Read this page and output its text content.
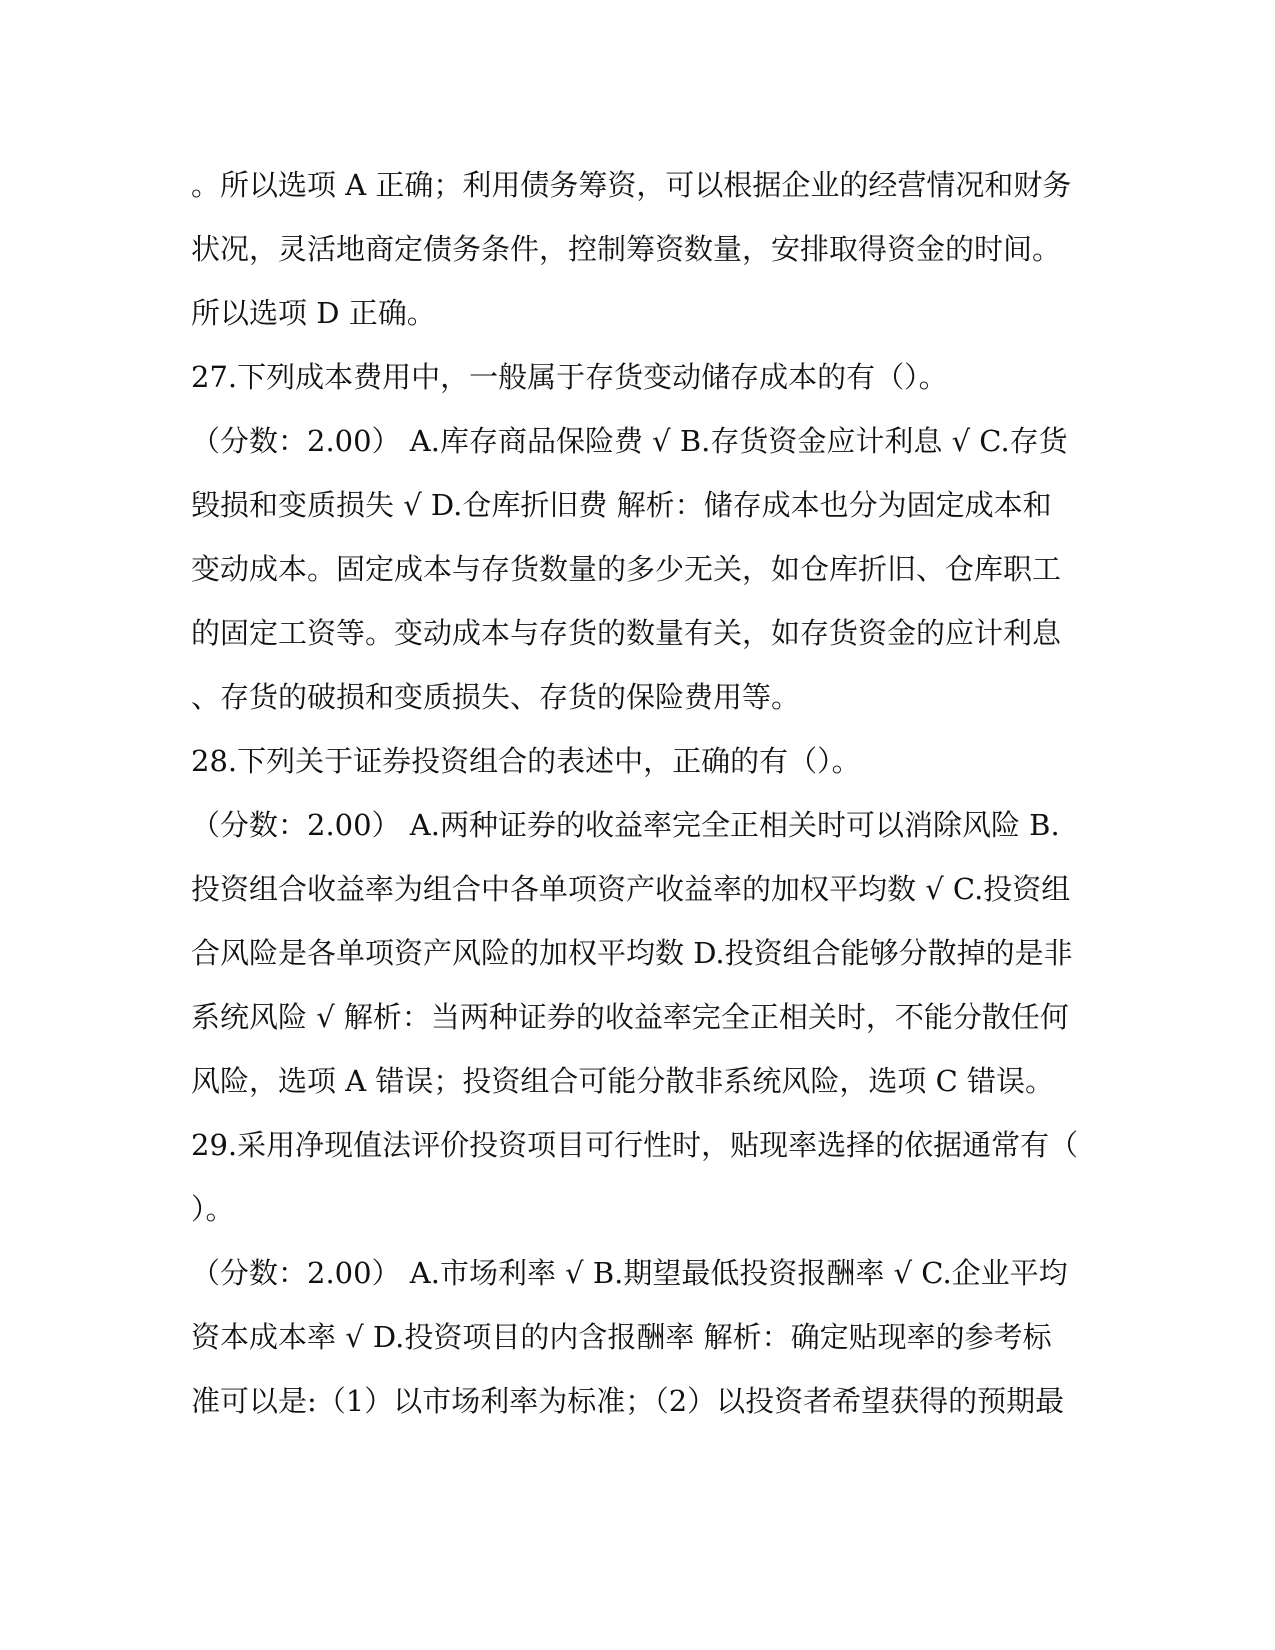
。所以选项 A 正确；利用债务筹资，可以根据企业的经营情况和财务
状况，灵活地商定债务条件，控制筹资数量，安排取得资金的时间。
所以选项 D 正确。
27.下列成本费用中，一般属于存货变动储存成本的有（）。
（分数：2.00） A.库存商品保险费 √ B.存货资金应计利息 √ C.存货
毁损和变质损失 √ D.仓库折旧费 解析：储存成本也分为固定成本和
变动成本。固定成本与存货数量的多少无关，如仓库折旧、仓库职工
的固定工资等。变动成本与存货的数量有关，如存货资金的应计利息
、存货的破损和变质损失、存货的保险费用等。
28.下列关于证券投资组合的表述中，正确的有（）。
（分数：2.00） A.两种证券的收益率完全正相关时可以消除风险 B.
投资组合收益率为组合中各单项资产收益率的加权平均数 √ C.投资组
合风险是各单项资产风险的加权平均数 D.投资组合能够分散掉的是非
系统风险 √ 解析：当两种证券的收益率完全正相关时，不能分散任何
风险，选项 A 错误；投资组合可能分散非系统风险，选项 C 错误。
29.采用净现值法评价投资项目可行性时，贴现率选择的依据通常有（
）。
（分数：2.00） A.市场利率 √ B.期望最低投资报酬率 √ C.企业平均
资本成本率 √ D.投资项目的内含报酬率 解析：确定贴现率的参考标
准可以是:（1）以市场利率为标准；（2）以投资者希望获得的预期最
